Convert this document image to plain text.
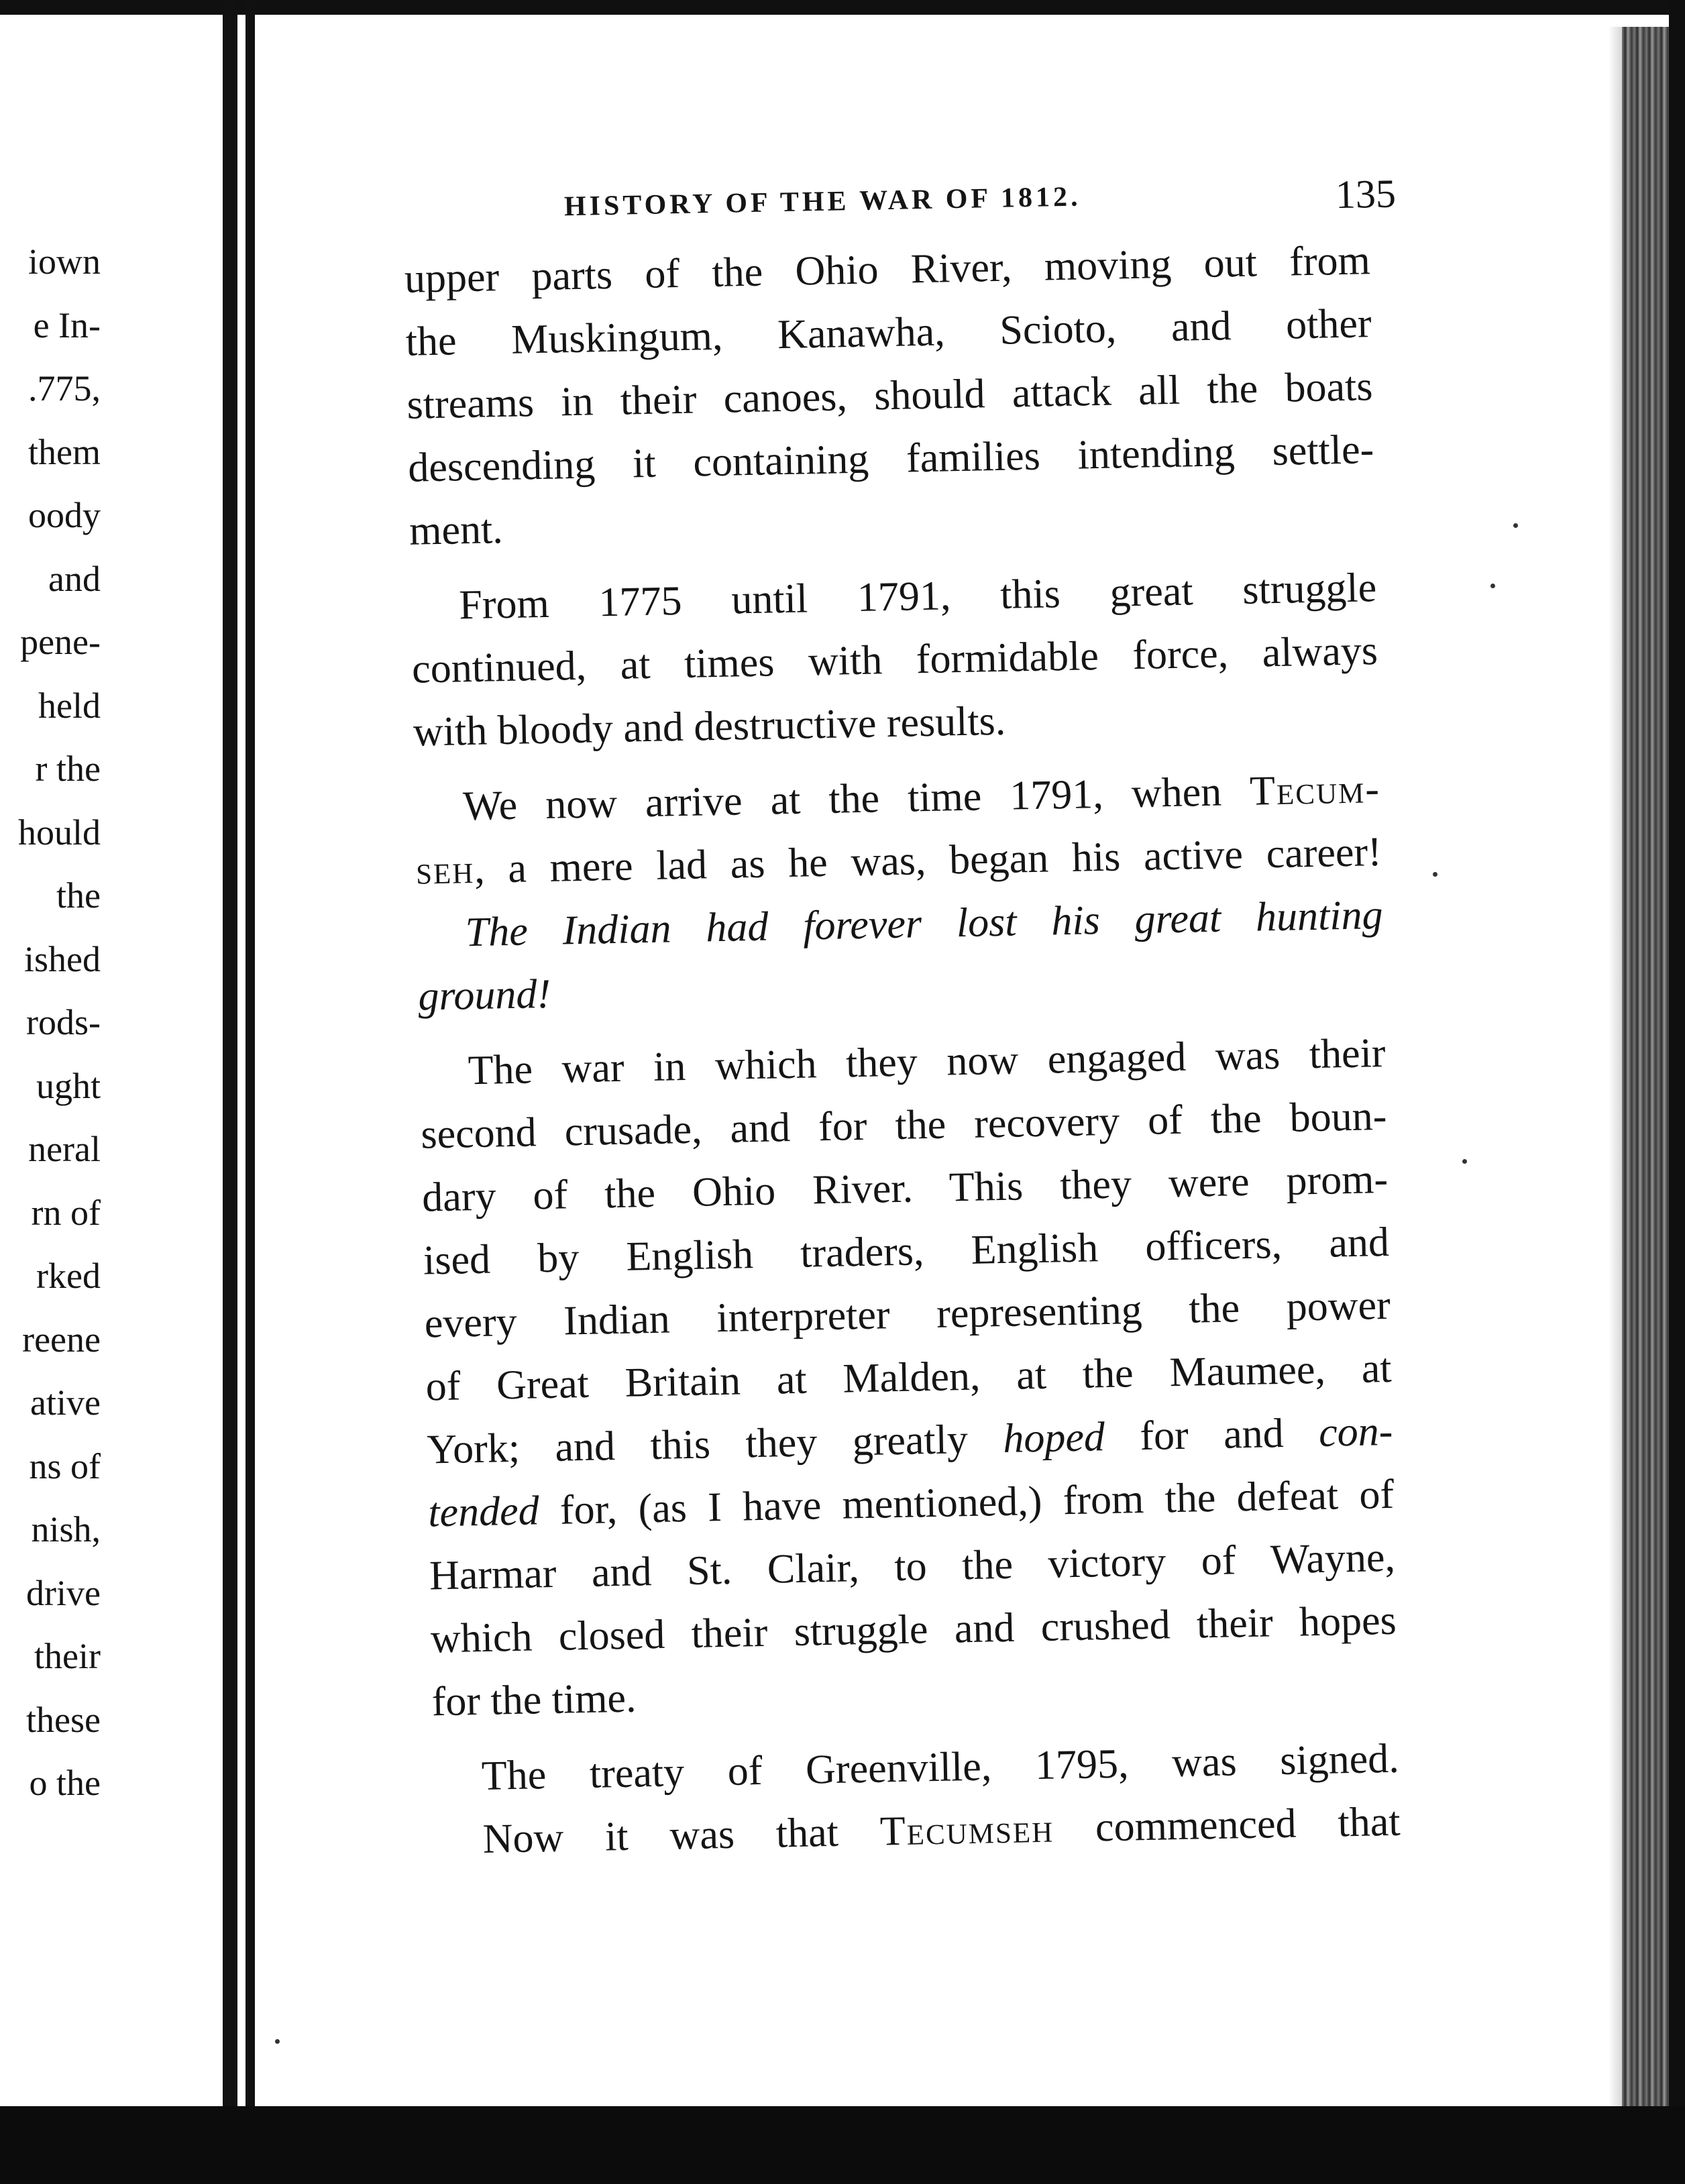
iown
e In-
.775,
them
oody
and
pene-
held
r the
hould
the
ished
rods-
ught
neral
rn of
rked
reene
ative
ns of
nish,
drive
their
these
o the
HISTORY OF THE WAR OF 1812.	135
upper parts of the Ohio River, moving out from
the Muskingum, Kanawha, Scioto, and other
streams in their canoes, should attack all the boats
descending it containing families intending settle-
ment.
From 1775 until 1791, this great struggle
continued, at times with formidable force, always
with bloody and destructive results.
We now arrive at the time 1791, when Tecum-
seh, a mere lad as he was, began his active career!
The Indian had forever lost his great hunting
ground!
The war in which they now engaged was their
second crusade, and for the recovery of the boun-
dary of the Ohio River. This they were prom-
ised by English traders, English officers, and
every Indian interpreter representing the power
of Great Britain at Malden, at the Maumee, at
York; and this they greatly hoped for and con-
tended for, (as I have mentioned,) from the defeat of
Harmar and St. Clair, to the victory of Wayne,
which closed their struggle and crushed their hopes
for the time.
The treaty of Greenville, 1795, was signed.
Now it was that Tecumseh commenced that
